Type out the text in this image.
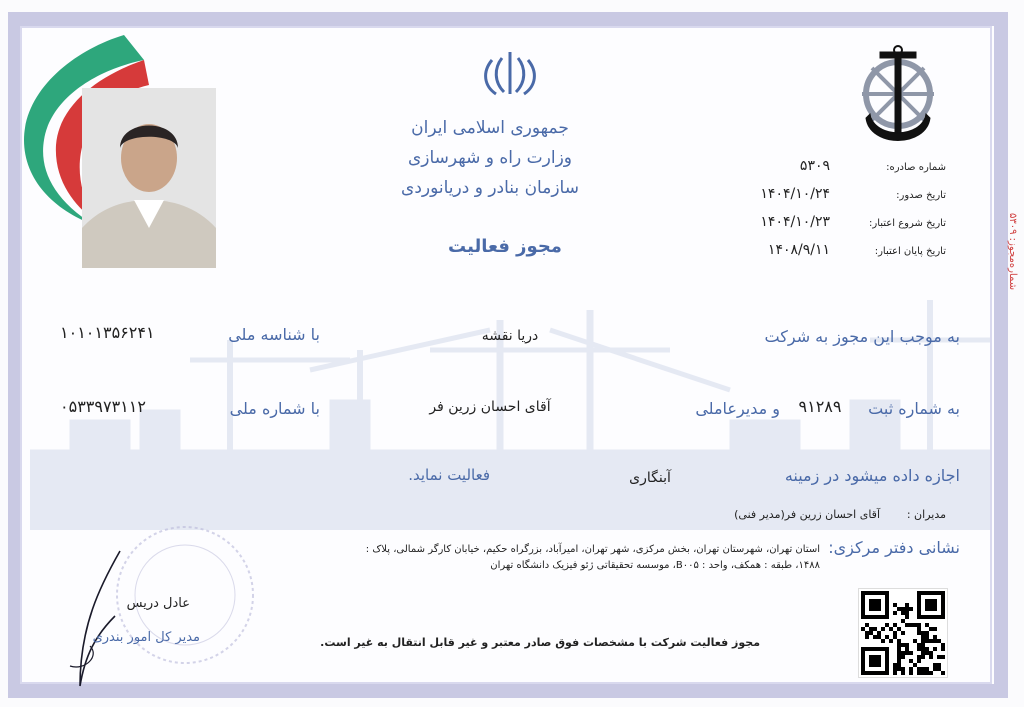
جمهوری اسلامی ایران
وزارت راه و شهرسازی
سازمان بنادر و دریانوردی
مجوز فعالیت
شماره صادره:
۵۳۰۹
تاریخ صدور:
۱۴۰۴/۱۰/۲۴
تاریخ شروع اعتبار:
۱۴۰۴/۱۰/۲۳
تاریخ پایان اعتبار:
۱۴۰۸/۹/۱۱
شماره‌مجوز: ۵۳۰۹
به موجب این مجوز به شرکت
دریا نقشه
با شناسه ملی
۱۰۱۰۱۳۵۶۲۴۱
به شماره ثبت
۹۱۲۸۹
و مدیرعاملی
آقای احسان زرین فر
با شماره ملی
۰۵۳۳۹۷۳۱۱۲
اجازه داده میشود در زمینه
آبنگاری
فعالیت نماید.
مدیران :
آقای احسان زرین فر(مدیر فنی)
نشانی دفتر مرکزی:
استان تهران، شهرستان تهران، بخش مرکزی، شهر تهران، امیرآباد، بزرگراه حکیم، خیابان کارگر شمالی، پلاک :
۱۴۸۸، طبقه : همکف، واحد : B۰۰۵، موسسه تحقیقاتی ژئو فیزیک دانشگاه تهران
مجوز فعالیت شرکت با مشخصات فوق صادر معتبر و غیر قابل انتقال به غیر است.
عادل دریس
مدیر کل امور بندری
